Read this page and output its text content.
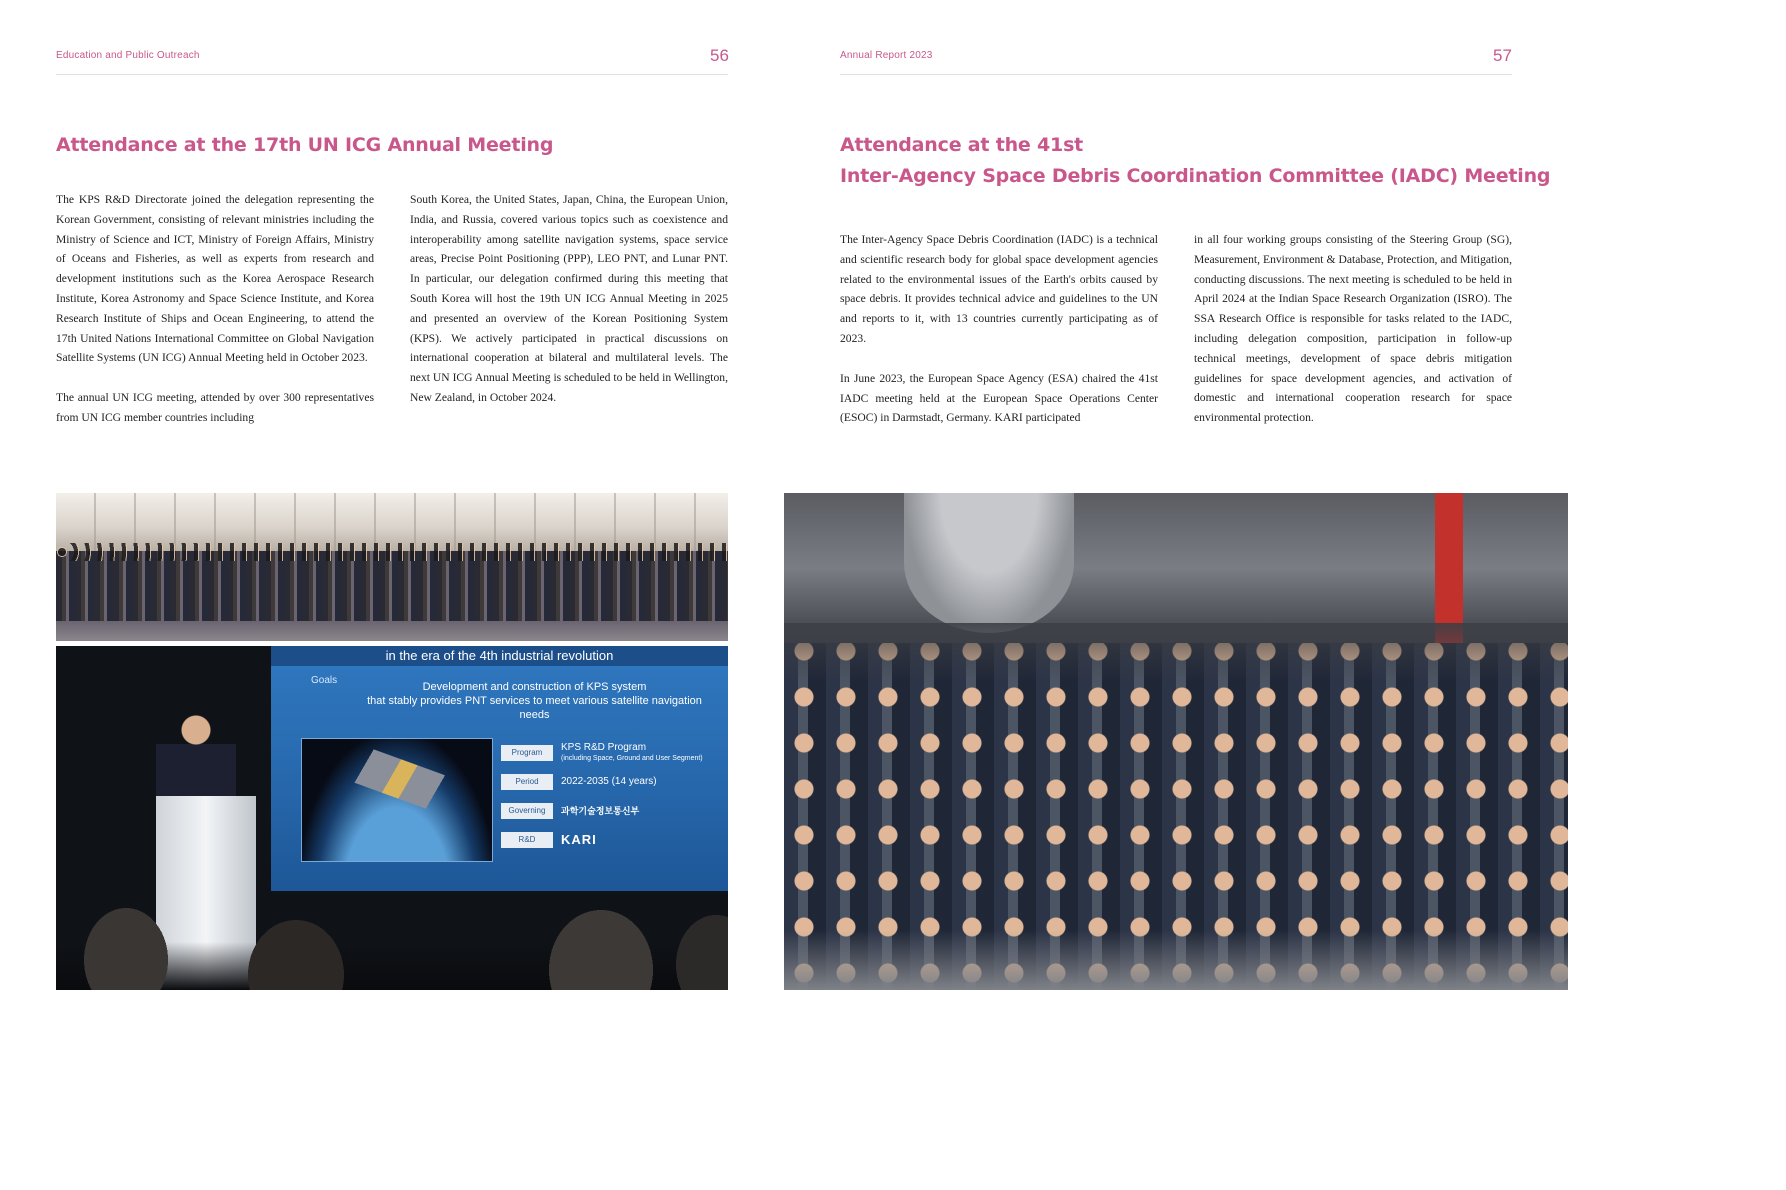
Education and Public Outreach	56
Attendance at the 17th UN ICG Annual Meeting

The KPS R&D Directorate joined the delegation representing the Korean Government, consisting of relevant ministries including the Ministry of Science and ICT, Ministry of Foreign Affairs, Ministry of Oceans and Fisheries, as well as experts from research and development institutions such as the Korea Aerospace Research Institute, Korea Astronomy and Space Science Institute, and Korea Research Institute of Ships and Ocean Engineering, to attend the 17th United Nations International Committee on Global Navigation Satellite Systems (UN ICG) Annual Meeting held in October 2023.

The annual UN ICG meeting, attended by over 300 representatives from UN ICG member countries including

South Korea, the United States, Japan, China, the European Union, India, and Russia, covered various topics such as coexistence and interoperability among satellite navigation systems, space service areas, Precise Point Positioning (PPP), LEO PNT, and Lunar PNT. In particular, our delegation confirmed during this meeting that South Korea will host the 19th UN ICG Annual Meeting in 2025 and presented an overview of the Korean Positioning System (KPS). We actively participated in practical discussions on international cooperation at bilateral and multilateral levels. The next UN ICG Annual Meeting is scheduled to be held in Wellington, New Zealand, in October 2024.

in the era of the 4th industrial revolution
Goals
Development and construction of KPS system
that stably provides PNT services to meet various satellite navigation needs
Program	KPS R&D Program
(including Space, Ground and User Segment)
Period	2022-2035 (14 years)
Governing	과학기술정보통신부
R&D	KARI
Annual Report 2023	57
Attendance at the 41st
Inter-Agency Space Debris Coordination Committee (IADC) Meeting

The Inter-Agency Space Debris Coordination (IADC) is a technical and scientific research body for global space development agencies related to the environmental issues of the Earth's orbits caused by space debris. It provides technical advice and guidelines to the UN and reports to it, with 13 countries currently participating as of 2023.

In June 2023, the European Space Agency (ESA) chaired the 41st IADC meeting held at the European Space Operations Center (ESOC) in Darmstadt, Germany. KARI participated

in all four working groups consisting of the Steering Group (SG), Measurement, Environment & Database, Protection, and Mitigation, conducting discussions. The next meeting is scheduled to be held in April 2024 at the Indian Space Research Organization (ISRO). The SSA Research Office is responsible for tasks related to the IADC, including delegation composition, participation in follow-up technical meetings, development of space debris mitigation guidelines for space development agencies, and activation of domestic and international cooperation research for space environmental protection.
